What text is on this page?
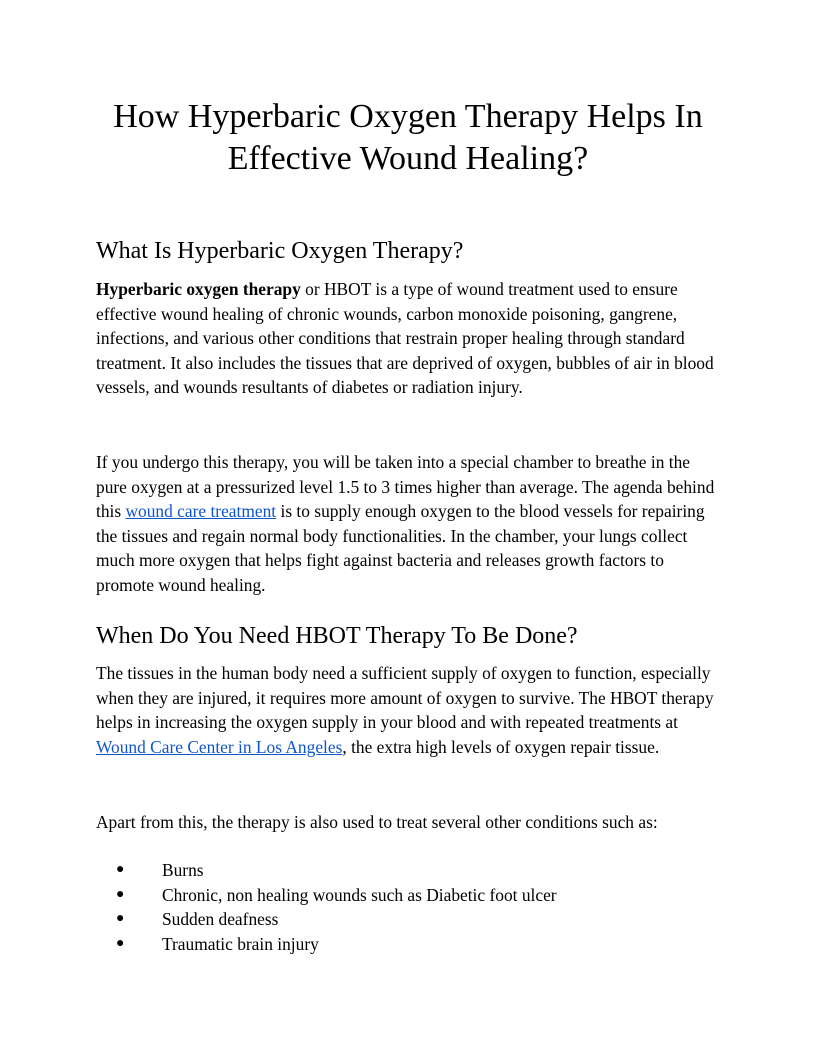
How Hyperbaric Oxygen Therapy Helps In Effective Wound Healing?
What Is Hyperbaric Oxygen Therapy?

Hyperbaric oxygen therapy or HBOT is a type of wound treatment used to ensure effective wound healing of chronic wounds, carbon monoxide poisoning, gangrene, infections, and various other conditions that restrain proper healing through standard treatment. It also includes the tissues that are deprived of oxygen, bubbles of air in blood vessels, and wounds resultants of diabetes or radiation injury.

If you undergo this therapy, you will be taken into a special chamber to breathe in the pure oxygen at a pressurized level 1.5 to 3 times higher than average. The agenda behind this wound care treatment is to supply enough oxygen to the blood vessels for repairing the tissues and regain normal body functionalities. In the chamber, your lungs collect much more oxygen that helps fight against bacteria and releases growth factors to promote wound healing.

When Do You Need HBOT Therapy To Be Done?

The tissues in the human body need a sufficient supply of oxygen to function, especially when they are injured, it requires more amount of oxygen to survive. The HBOT therapy helps in increasing the oxygen supply in your blood and with repeated treatments at Wound Care Center in Los Angeles, the extra high levels of oxygen repair tissue.

Apart from this, the therapy is also used to treat several other conditions such as:

● Burns
● Chronic, non healing wounds such as Diabetic foot ulcer
● Sudden deafness
● Traumatic brain injury
